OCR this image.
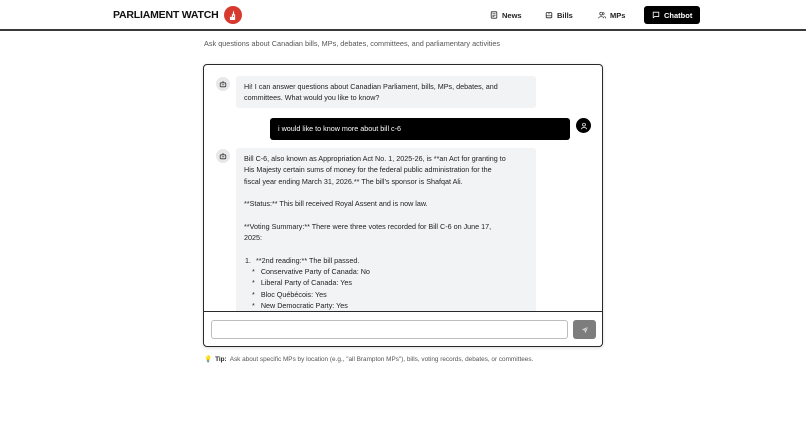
PARLIAMENT WATCH	News	Bills	MPs	Chatbot

Ask questions about Canadian bills, MPs, debates, committees, and parliamentary activities

Hi! I can answer questions about Canadian Parliament, bills, MPs, debates, and
committees. What would you like to know?
i would like to know more about bill c-6
Bill C-6, also known as Appropriation Act No. 1, 2025-26, is **an Act for granting to
His Majesty certain sums of money for the federal public administration for the
fiscal year ending March 31, 2026.** The bill's sponsor is Shafqat Ali.
**Status:** This bill received Royal Assent and is now law.
**Voting Summary:** There were three votes recorded for Bill C-6 on June 17,
2025:
1. **2nd reading:** The bill passed.
* Conservative Party of Canada: No
* Liberal Party of Canada: Yes
* Bloc Québécois: Yes
* New Democratic Party: Yes

💡 Tip: Ask about specific MPs by location (e.g., "all Brampton MPs"), bills, voting records, debates, or committees.
